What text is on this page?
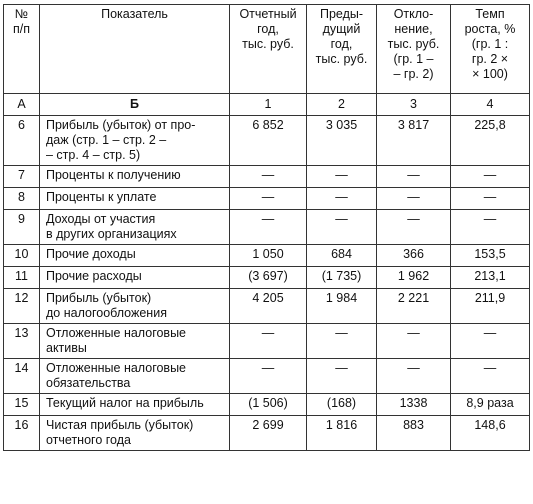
№
п/п	Показатель	Отчетный
год,
тыс. руб.	Преды-
дущий
год,
тыс. руб.	Откло-
нение,
тыс. руб.
(гр. 1 –
– гр. 2)	Темп
роста, %
(гр. 1 :
гр. 2 ×
× 100)
А	Б	1	2	3	4
6	Прибыль (убыток) от про-
даж (стр. 1 – стр. 2 –
– стр. 4 – стр. 5)	6 852	3 035	3 817	225,8
7	Проценты к получению	—	—	—	—
8	Проценты к уплате	—	—	—	—
9	Доходы от участия
в других организациях	—	—	—	—
10	Прочие доходы	1 050	684	366	153,5
11	Прочие расходы	(3 697)	(1 735)	1 962	213,1
12	Прибыль (убыток)
до налогообложения	4 205	1 984	2 221	211,9
13	Отложенные налоговые
активы	—	—	—	—
14	Отложенные налоговые
обязательства	—	—	—	—
15	Текущий налог на прибыль	(1 506)	(168)	1338	8,9 раза
16	Чистая прибыль (убыток)
отчетного года	2 699	1 816	883	148,6
